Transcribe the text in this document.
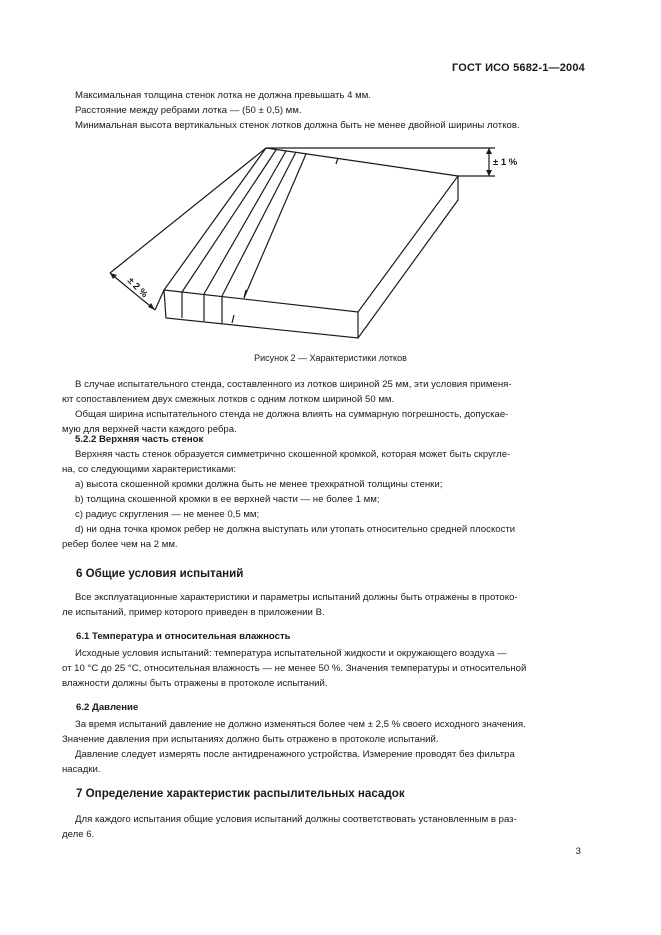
ГОСТ ИСО 5682-1—2004

Максимальная толщина стенок лотка не должна превышать 4 мм.

Расстояние между ребрами лотка — (50 ± 0,5) мм.

Минимальная высота вертикальных стенок лотков должна быть не менее двойной ширины лотков.

± 1 %
± 2 %
Рисунок 2 — Характеристики лотков

В случае испытательного стенда, составленного из лотков шириной 25 мм, эти условия применя-

ют сопоставлением двух смежных лотков с одним лотком шириной 50 мм.

Общая ширина испытательного стенда не должна влиять на суммарную погрешность, допускае-

мую для верхней части каждого ребра.

5.2.2 Верхняя часть стенок

Верхняя часть стенок образуется симметрично скошенной кромкой, которая может быть скругле-

на, со следующими характеристиками:

a) высота скошенной кромки должна быть не менее трехкратной толщины стенки;

b) толщина скошенной кромки в ее верхней части — не более 1 мм;

c) радиус скругления — не менее 0,5 мм;

d) ни одна точка кромок ребер не должна выступать или утопать относительно средней плоскости

ребер более чем на 2 мм.

6 Общие условия испытаний

Все эксплуатационные характеристики и параметры испытаний должны быть отражены в протоко-

ле испытаний, пример которого приведен в приложении В.

6.1 Температура и относительная влажность

Исходные условия испытаний: температура испытательной жидкости и окружающего воздуха —

от 10 °С до 25 °С, относительная влажность — не менее 50 %. Значения температуры и относительной

влажности должны быть отражены в протоколе испытаний.

6.2 Давление

За время испытаний давление не должно изменяться более чем ± 2,5 % своего исходного значения.

Значение давления при испытаниях должно быть отражено в протоколе испытаний.

Давление следует измерять после антидренажного устройства. Измерение проводят без фильтра

насадки.

7 Определение характеристик распылительных насадок

Для каждого испытания общие условия испытаний должны соответствовать установленным в раз-

деле 6.

3
